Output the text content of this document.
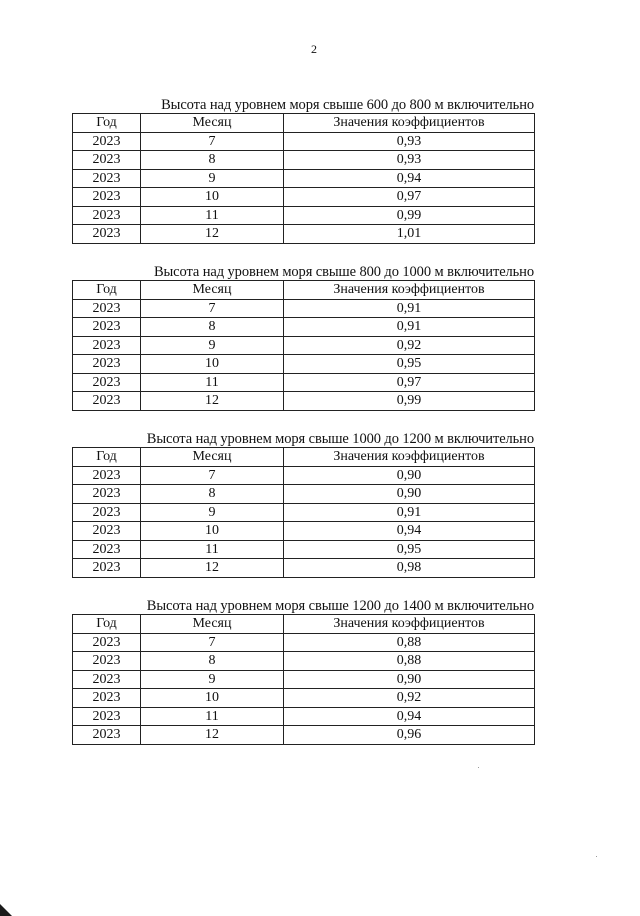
2
Высота над уровнем моря свыше 600 до 800 м включительно
Год	Месяц	Значения коэффициентов
2023	7	0,93
2023	8	0,93
2023	9	0,94
2023	10	0,97
2023	11	0,99
2023	12	1,01
Высота над уровнем моря свыше 800 до 1000 м включительно
Год	Месяц	Значения коэффициентов
2023	7	0,91
2023	8	0,91
2023	9	0,92
2023	10	0,95
2023	11	0,97
2023	12	0,99
Высота над уровнем моря свыше 1000 до 1200 м включительно
Год	Месяц	Значения коэффициентов
2023	7	0,90
2023	8	0,90
2023	9	0,91
2023	10	0,94
2023	11	0,95
2023	12	0,98
Высота над уровнем моря свыше 1200 до 1400 м включительно
Год	Месяц	Значения коэффициентов
2023	7	0,88
2023	8	0,88
2023	9	0,90
2023	10	0,92
2023	11	0,94
2023	12	0,96
